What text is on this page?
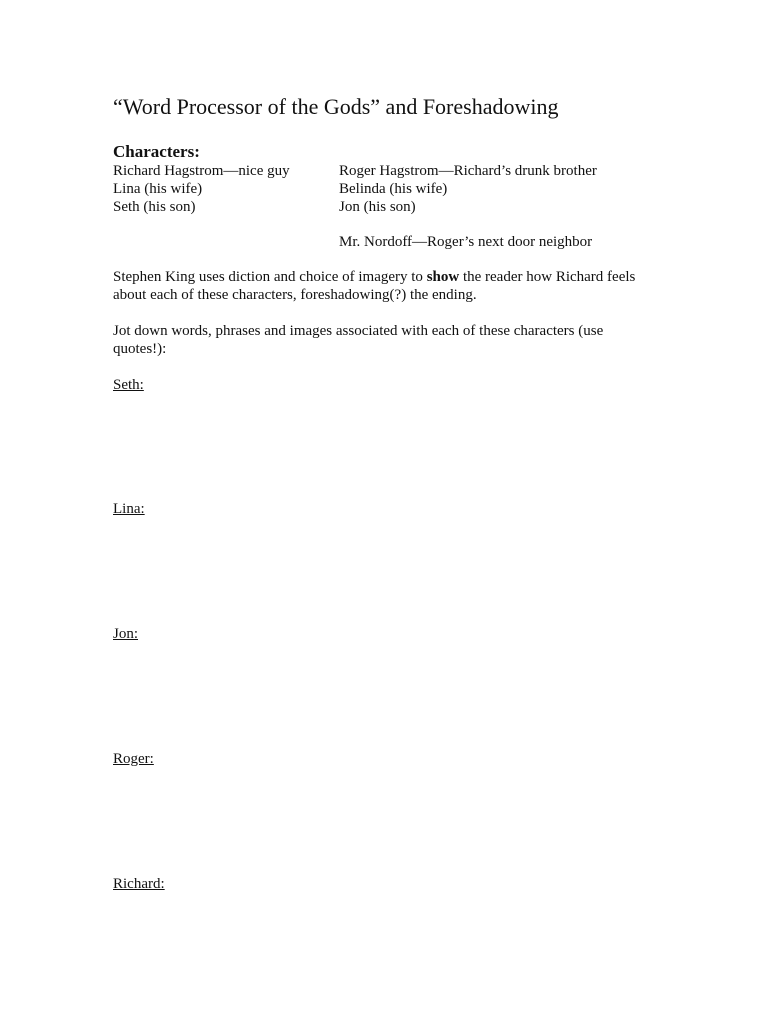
“Word Processor of the Gods” and Foreshadowing
Characters:
Richard Hagstrom—nice guy
Lina (his wife)
Seth (his son)
Roger Hagstrom—Richard’s drunk brother
Belinda (his wife)
Jon (his son)
Mr. Nordoff—Roger’s next door neighbor
Stephen King uses diction and choice of imagery to show the reader how Richard feels about each of these characters, foreshadowing(?) the ending.
Jot down words, phrases and images associated with each of these characters (use quotes!):
Seth:
Lina:
Jon:
Roger:
Richard:
